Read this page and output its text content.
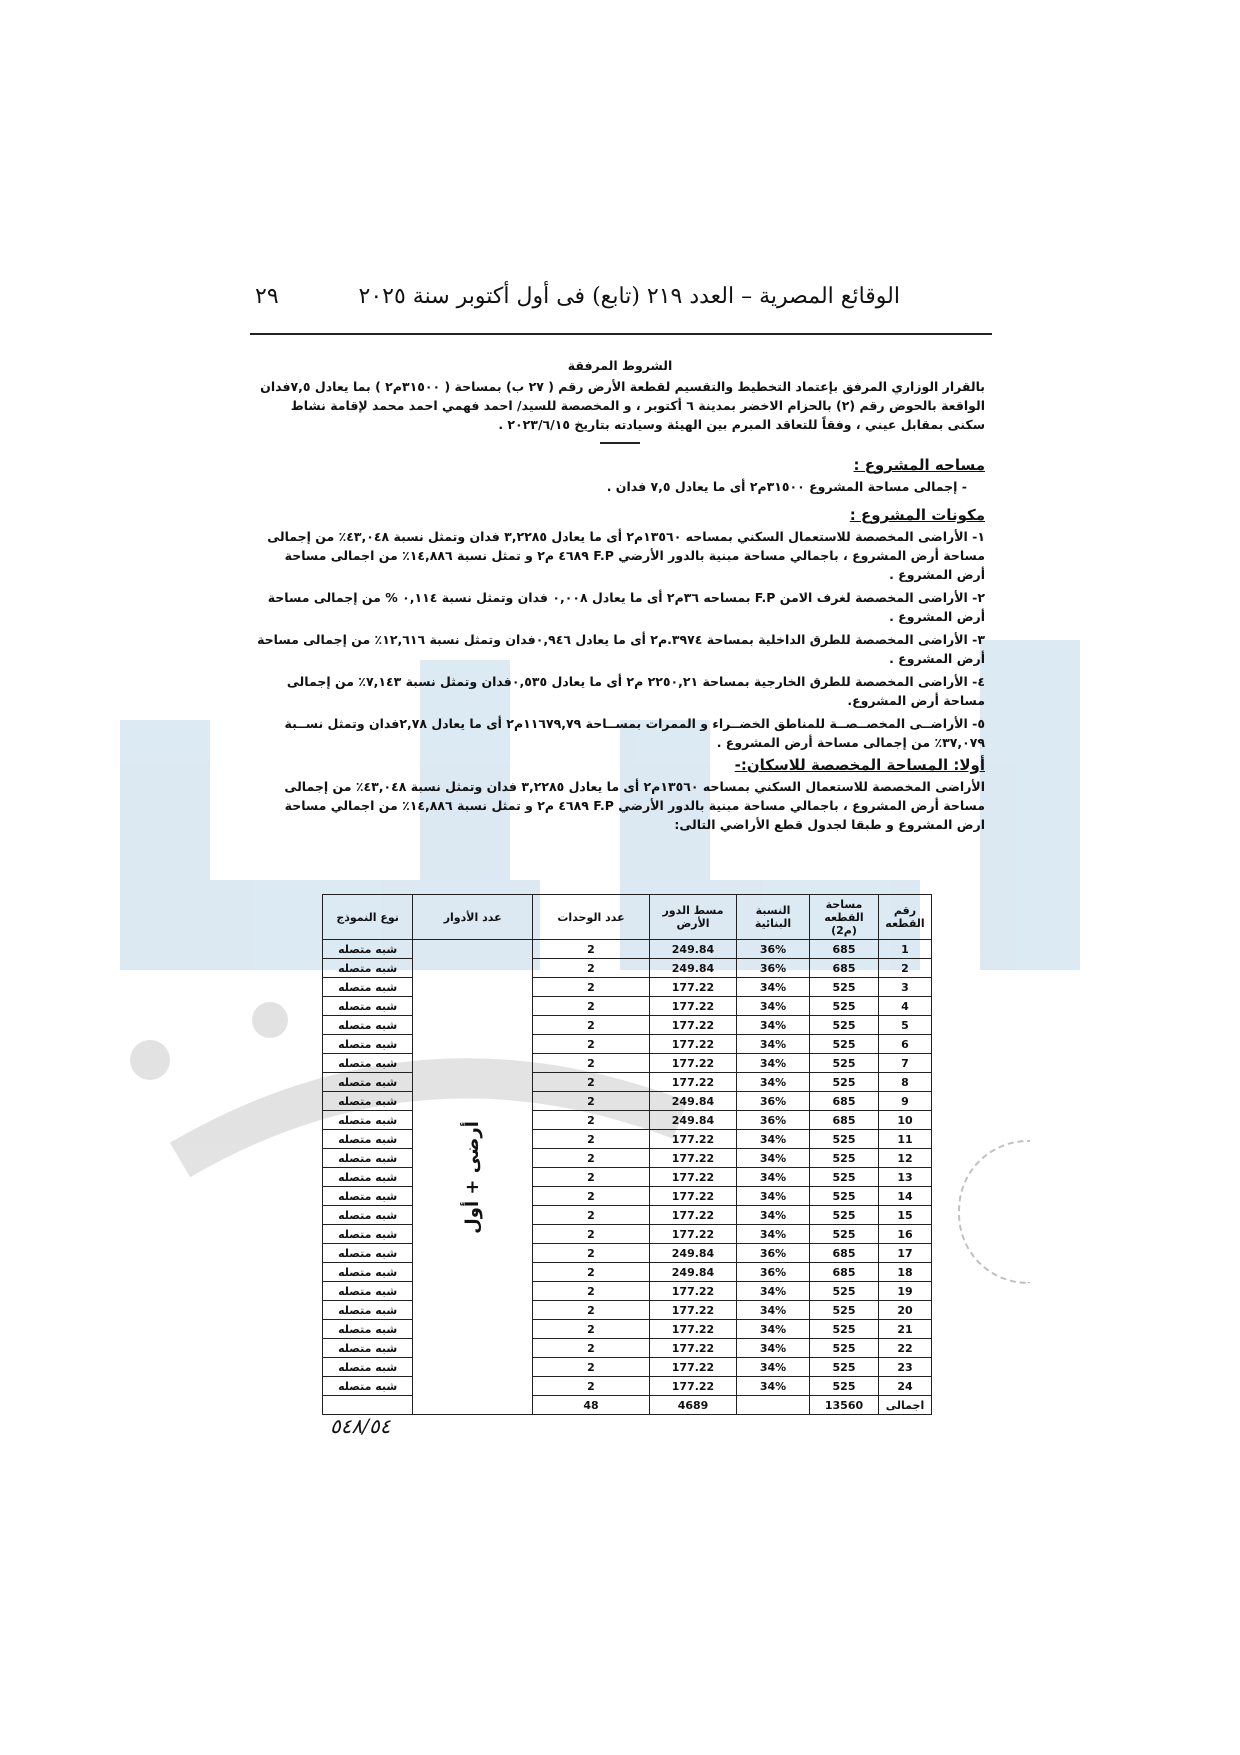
الوقائع المصرية – العدد ٢١٩ (تابع) فى أول أكتوبر سنة ٢٠٢٥
٢٩
الشروط المرفقة
بالقرار الوزاري المرفق بإعتماد التخطيط والتقسيم لقطعة الأرض رقم ( ٢٧ ب) بمساحة ( ٣١٥٠٠م٢ ) بما يعادل ٧,٥فدان الواقعة بالحوض رقم (٢) بالحزام الاخضر بمدينة ٦ أكتوبر ، و المخصصة للسيد/ احمد فهمي احمد محمد لإقامة نشاط سكنى بمقابل عيني ، وفقاً للتعاقد المبرم بين الهيئة وسيادته بتاريخ ٢٠٢٣/٦/١٥ .
مساحه المشروع :
- إجمالى مساحة المشروع ٣١٥٠٠م٢ أى ما يعادل ٧,٥ فدان .
مكونات المشروع :
١- الأراضى المخصصة للاستعمال السكني بمساحه ١٣٥٦٠م٢ أى ما يعادل ٣,٢٢٨٥ فدان وتمثل نسبة ٤٣,٠٤٨٪ من إجمالى مساحة أرض المشروع ، باجمالي مساحة مبنية بالدور الأرضي F.P ٤٦٨٩ م٢ و تمثل نسبة ١٤,٨٨٦٪ من اجمالى مساحة أرض المشروع .
٢- الأراضى المخصصة لغرف الامن F.P بمساحه ٣٦م٢ أى ما يعادل ٠,٠٠٨ فدان وتمثل نسبة ٠,١١٤ % من إجمالى مساحة أرض المشروع .
٣- الأراضى المخصصة للطرق الداخلية بمساحة ٣٩٧٤.م٢ أى ما يعادل ٠,٩٤٦فدان وتمثل نسبة ١٢,٦١٦٪ من إجمالى مساحة أرض المشروع .
٤- الأراضى المخصصة للطرق الخارجية بمساحة ٢٢٥٠,٢١ م٢ أى ما يعادل ٠,٥٣٥فدان وتمثل نسبة ٧,١٤٣٪ من إجمالى مساحة أرض المشروع.
٥- الأراضــى المخصــصــة للمناطق الخضــراء و الممرات بمســاحة ١١٦٧٩,٧٩م٢ أى ما يعادل ٢,٧٨فدان وتمثل نســبة ٣٧,٠٧٩٪ من إجمالى مساحة أرض المشروع .
أولا: المساحة المخصصة للاسكان:-
الأراضى المخصصة للاستعمال السكني بمساحه ١٣٥٦٠م٢ أى ما يعادل ٣,٢٢٨٥ فدان وتمثل نسبة ٤٣,٠٤٨٪ من إجمالى مساحة أرض المشروع ، باجمالي مساحة مبنية بالدور الأرضي F.P ٤٦٨٩ م٢ و تمثل نسبة ١٤,٨٨٦٪ من اجمالي مساحة ارض المشروع و طبقا لجدول قطع الأراضي التالى:
رقم القطعه	مساحة القطعه (م2)	النسبة البنائية	مسط الدور الأرض	عدد الوحدات	عدد الأدوار	نوع النموذج
1	685	36%	249.84	2	أرضى + أول	شبه متصله
2	685	36%	249.84	2		شبه متصله
3	525	34%	177.22	2		شبه متصله
4	525	34%	177.22	2		شبه متصله
5	525	34%	177.22	2		شبه متصله
6	525	34%	177.22	2		شبه متصله
7	525	34%	177.22	2		شبه متصله
8	525	34%	177.22	2		شبه متصله
9	685	36%	249.84	2		شبه متصله
10	685	36%	249.84	2		شبه متصله
11	525	34%	177.22	2		شبه متصله
12	525	34%	177.22	2		شبه متصله
13	525	34%	177.22	2		شبه متصله
14	525	34%	177.22	2		شبه متصله
15	525	34%	177.22	2		شبه متصله
16	525	34%	177.22	2		شبه متصله
17	685	36%	249.84	2		شبه متصله
18	685	36%	249.84	2		شبه متصله
19	525	34%	177.22	2		شبه متصله
20	525	34%	177.22	2		شبه متصله
21	525	34%	177.22	2		شبه متصله
22	525	34%	177.22	2		شبه متصله
23	525	34%	177.22	2		شبه متصله
24	525	34%	177.22	2		شبه متصله
اجمالى	13560		4689	48		
٥٤٨/٥٤
